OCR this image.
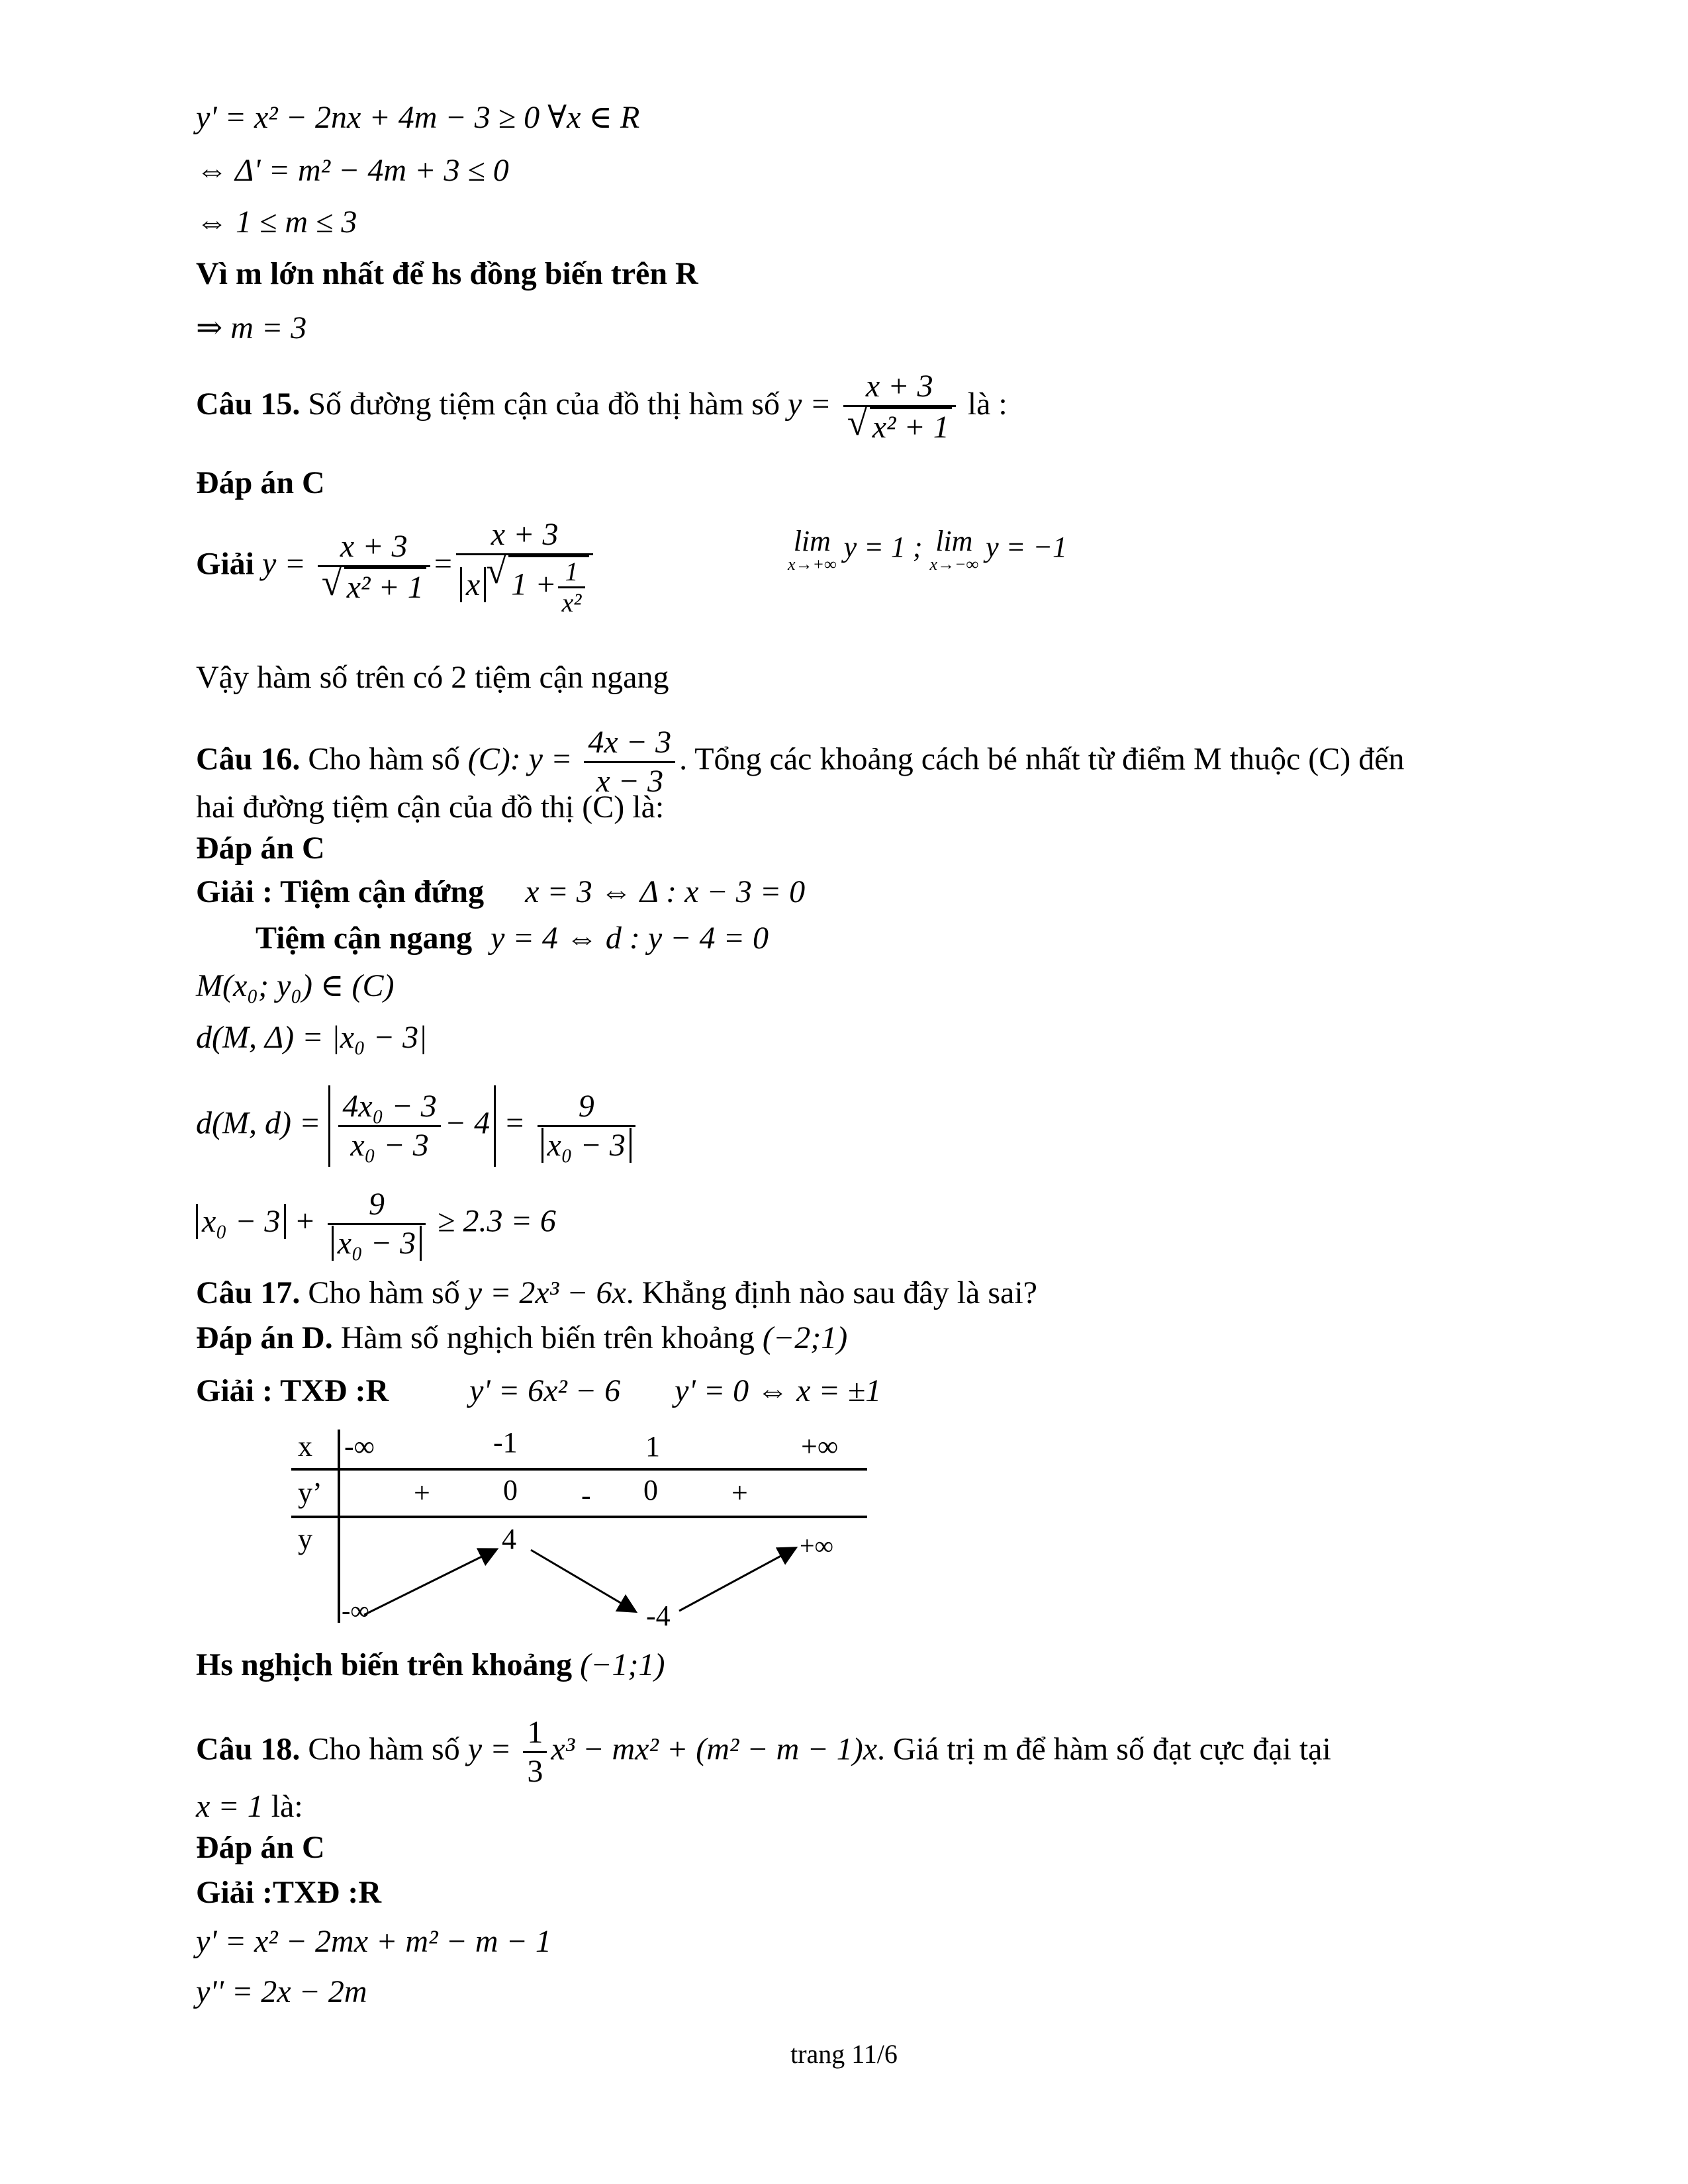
y' = x² − 2nx + 4m − 3 ≥ 0 ∀x ∈ R
⇔ Δ' = m² − 4m + 3 ≤ 0
⇔ 1 ≤ m ≤ 3
Vì m lớn nhất để hs đồng biến trên R
⇒ m = 3
Câu 15. Số đường tiệm cận của đồ thị hàm số y = x + 3
√ x² + 1 là :
Đáp án C
Giải y = x + 3
√ $x^2 + 1 = \frac{x + 3}{x√ 1 + \frac{1}{\text{x²}}}$	lim
x→+∞
y = 1 ; lim
x→−∞
y = −1
Vậy hàm số trên có 2 tiệm cận ngang
Câu 16. Cho hàm số (C): $y = \frac{4x - 3}{x - 3}$ . Tổng các khoảng cách bé nhất từ điểm M thuộc (C) đến
hai đường tiệm cận của đồ thị (C) là:
Đáp án C
Giải : Tiệm cận đứng x = 3 ⇔ Δ : x − 3 = 0
Tiệm cận ngang y = 4 ⇔ d : y − 4 = 0
M(x₀; y₀) ∈ (C)
d(M, Δ) = |x₀ − 3|
d(M, $d) = \frac{\text{4x₀ − 3}}{\text{x₀ − 3}} - 4 = \frac{9}{\text{x₀ − 3}}$
$x_0 - 3 + \frac{9}{\text{x₀ − 3}} \ge 2.3 = 6$
Câu 17. Cho hàm số y = 2x³ − 6x. Khẳng định nào sau đây là sai?
Đáp án D. Hàm số nghịch biến trên khoảng (−2;1)
Giải : TXĐ :R	y' = 6x² − 6 y' = 0 ⇔ x = ±1
x
y’
y
-∞	-1	1	+∞
+	0 - 0	+
4	+∞
-∞	-4
Hs nghịch biến trên khoảng (−1;1)
Câu 18. Cho hàm số $y = \frac{1}{3} x^3 - mx^2 + (m^2 - m - 1)x$. Giá trị m để hàm số đạt cực đại tại
x = 1 là:
Đáp án C
Giải :TXĐ :R
y' = x² − 2mx + m² − m − 1
y'' = 2x − 2m
trang 11/6
